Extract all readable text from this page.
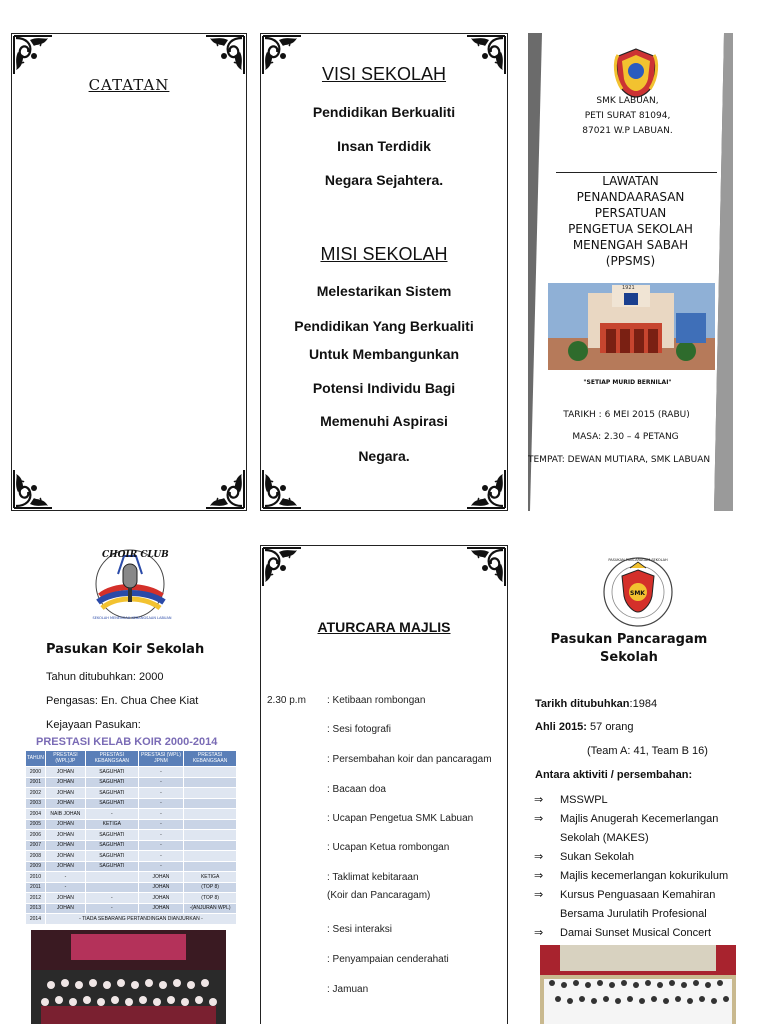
CATATAN
VISI SEKOLAH
Pendidikan Berkualiti
Insan Terdidik
Negara Sejahtera.
MISI SEKOLAH
Melestarikan Sistem
Pendidikan Yang Berkualiti
Untuk Membangunkan
Potensi Individu Bagi
Memenuhi Aspirasi
Negara.
SMK LABUAN,
PETI SURAT 81094,
87021 W.P LABUAN.
LAWATAN
PENANDAARASAN
PERSATUAN
PENGETUA SEKOLAH
MENENGAH SABAH
(PPSMS)
1921
"SETIAP MURID BERNILAI"
TARIKH : 6 MEI 2015 (RABU)
MASA: 2.30 – 4 PETANG
TEMPAT: DEWAN MUTIARA, SMK LABUAN
CHOIR CLUB
SEKOLAH MENENGAH KEBANGSAAN LABUAN
Pasukan Koir Sekolah
Tahun ditubuhkan: 2000
Pengasas: En. Chua Chee Kiat
Kejayaan Pasukan:
PRESTASI KELAB KOIR 2000-2014
TAHUN	PRESTASI (WPL)JP	PRESTASI KEBANGSAAN	PRESTASI (WPL) JPNM	PRESTASI KEBANGSAAN
2000	JOHAN	SAGUHATI	-	
2001	JOHAN	SAGUHATI	-	
2002	JOHAN	SAGUHATI	-	
2003	JOHAN	SAGUHATI	-	
2004	NAIB JOHAN	-	-	
2005	JOHAN	KETIGA	-	
2006	JOHAN	SAGUHATI	-	
2007	JOHAN	SAGUHATI	-	
2008	JOHAN	SAGUHATI	-	
2009	JOHAN	SAGUHATI	-	
2010	-		JOHAN	KETIGA
2011	-		JOHAN	(TOP 8)
2012	JOHAN	-	JOHAN	(TOP 8)
2013	JOHAN	-	JOHAN	-(ANJURAN WPL)
2014	- TIADA SEBARANG PERTANDINGAN DIANJURKAN -			
ATURCARA MAJLIS
2.30 p.m : Ketibaan rombongan
: Sesi fotografi
: Persembahan koir dan pancaragam
: Bacaan doa
: Ucapan Pengetua SMK Labuan
: Ucapan Ketua rombongan
: Taklimat kebitaraan
(Koir dan Pancaragam)
: Sesi interaksi
: Penyampaian cenderahati
: Jamuan
PASUKAN PANCARAGAM SEKOLAH
SMK
Pasukan Pancaragam
Sekolah
Tarikh ditubuhkan:1984
Ahli 2015: 57 orang
(Team A: 41, Team B 16)
Antara aktiviti / persembahan:
⇒ MSSWPL
⇒ Majlis Anugerah Kecemerlangan
Sekolah (MAKES)
⇒ Sukan Sekolah
⇒ Majlis kecemerlangan kokurikulum
⇒ Kursus Penguasaan Kemahiran
Bersama Jurulatih Profesional
⇒ Damai Sunset Musical Concert
